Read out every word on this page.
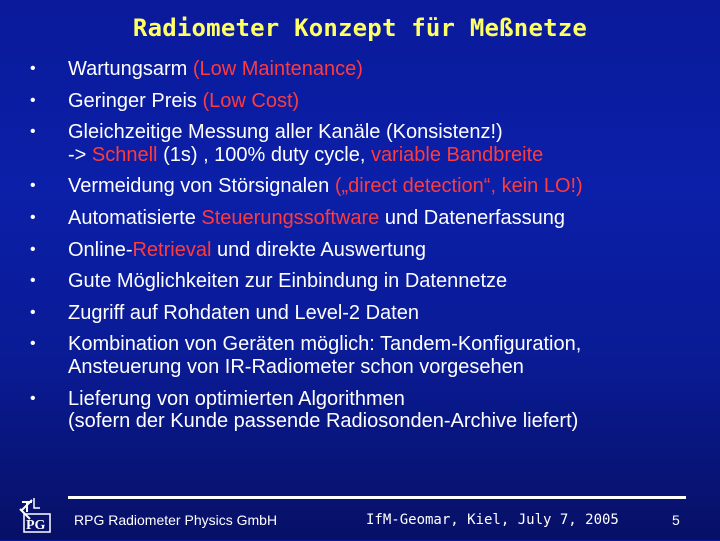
Radiometer Konzept für Meßnetze
• Wartungsarm (Low Maintenance)
• Geringer Preis (Low Cost)
• Gleichzeitige Messung aller Kanäle (Konsistenz!)
-> Schnell (1s) , 100% duty cycle, variable Bandbreite
• Vermeidung von Störsignalen („direct detection“, kein LO!)
• Automatisierte Steuerungssoftware und Datenerfassung
• Online-Retrieval und direkte Auswertung
• Gute Möglichkeiten zur Einbindung in Datennetze
• Zugriff auf Rohdaten und Level-2 Daten
• Kombination von Geräten möglich: Tandem-Konfiguration,
Ansteuerung von IR-Radiometer schon vorgesehen
• Lieferung von optimierten Algorithmen
(sofern der Kunde passende Radiosonden-Archive liefert)
PG RPG Radiometer Physics GmbH	IfM-Geomar, Kiel, July 7, 2005	5
